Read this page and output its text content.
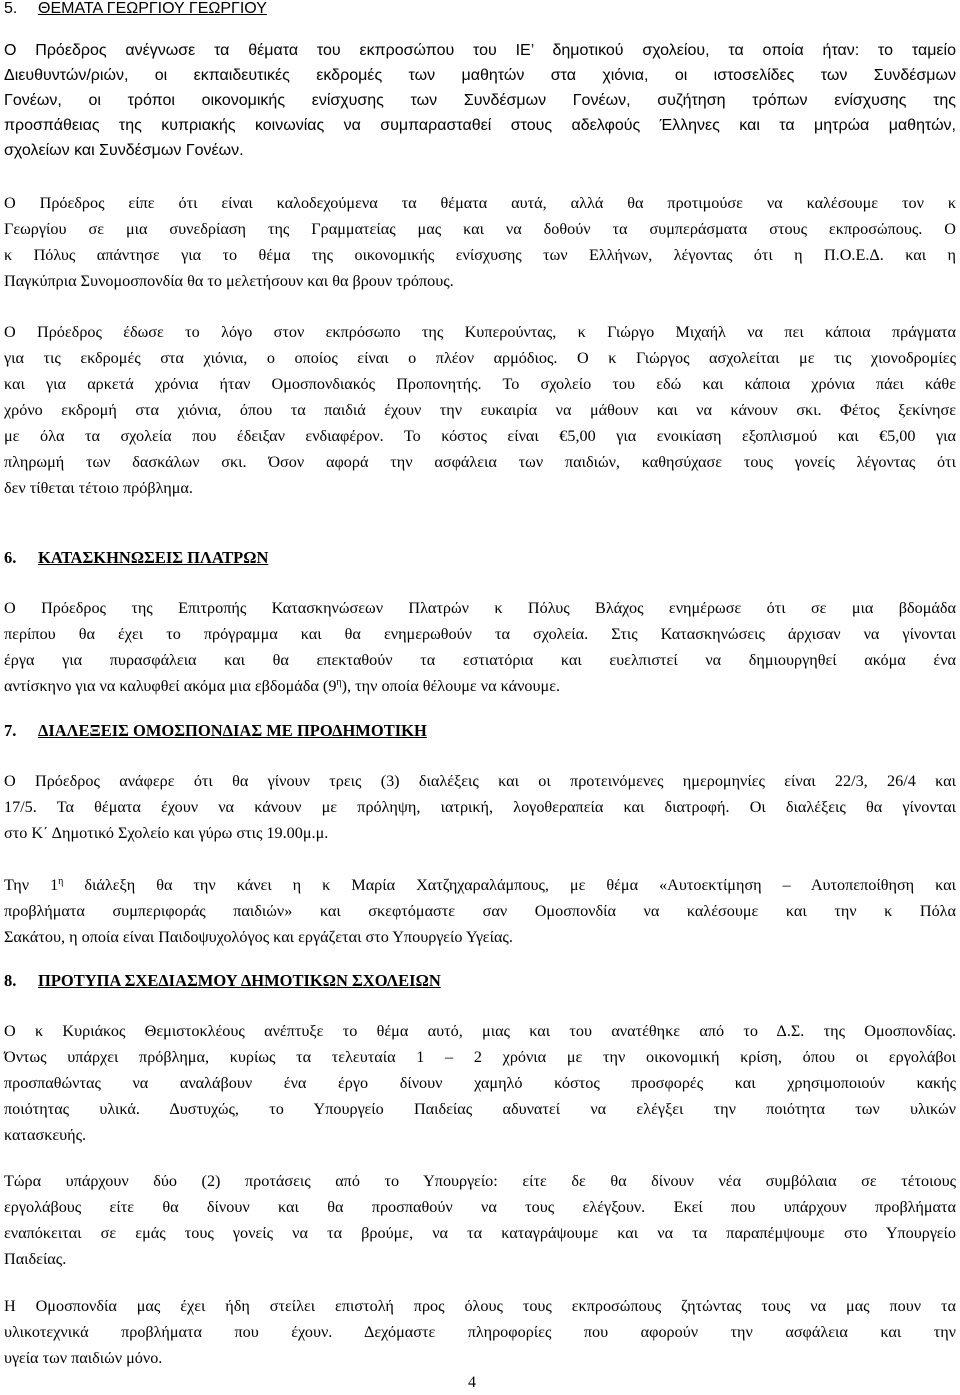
5. ΘΕΜΑΤΑ ΓΕΩΡΓΙΟΥ ΓΕΩΡΓΙΟΥ
Ο Πρόεδρος ανέγνωσε τα θέματα του εκπροσώπου του ΙΕ’ δημοτικού σχολείου, τα οποία ήταν: το ταμείο
Διευθυντών/ριών, οι εκπαιδευτικές εκδρομές των μαθητών στα χιόνια, οι ιστοσελίδες των Συνδέσμων
Γονέων, οι τρόποι οικονομικής ενίσχυσης των Συνδέσμων Γονέων, συζήτηση τρόπων ενίσχυσης της
προσπάθειας της κυπριακής κοινωνίας να συμπαρασταθεί στους αδελφούς Έλληνες και τα μητρώα μαθητών,
σχολείων και Συνδέσμων Γονέων.
Ο Πρόεδρος είπε ότι είναι καλοδεχούμενα τα θέματα αυτά, αλλά θα προτιμούσε να καλέσουμε τον κ
Γεωργίου σε μια συνεδρίαση της Γραμματείας μας και να δοθούν τα συμπεράσματα στους εκπροσώπους. Ο
κ Πόλυς απάντησε για το θέμα της οικονομικής ενίσχυσης των Ελλήνων, λέγοντας ότι η Π.Ο.Ε.Δ. και η
Παγκύπρια Συνομοσπονδία θα το μελετήσουν και θα βρουν τρόπους.
Ο Πρόεδρος έδωσε το λόγο στον εκπρόσωπο της Κυπερούντας, κ Γιώργο Μιχαήλ να πει κάποια πράγματα
για τις εκδρομές στα χιόνια, ο οποίος είναι ο πλέον αρμόδιος. Ο κ Γιώργος ασχολείται με τις χιονοδρομίες
και για αρκετά χρόνια ήταν Ομοσπονδιακός Προπονητής. Το σχολείο του εδώ και κάποια χρόνια πάει κάθε
χρόνο εκδρομή στα χιόνια, όπου τα παιδιά έχουν την ευκαιρία να μάθουν και να κάνουν σκι. Φέτος ξεκίνησε
με όλα τα σχολεία που έδειξαν ενδιαφέρον. Το κόστος είναι €5,00 για ενοικίαση εξοπλισμού και €5,00 για
πληρωμή των δασκάλων σκι. Όσον αφορά την ασφάλεια των παιδιών, καθησύχασε τους γονείς λέγοντας ότι
δεν τίθεται τέτοιο πρόβλημα.
6. ΚΑΤΑΣΚΗΝΩΣΕΙΣ ΠΛΑΤΡΩΝ
Ο Πρόεδρος της Επιτροπής Κατασκηνώσεων Πλατρών κ Πόλυς Βλάχος ενημέρωσε ότι σε μια βδομάδα
περίπου θα έχει το πρόγραμμα και θα ενημερωθούν τα σχολεία. Στις Κατασκηνώσεις άρχισαν να γίνονται
έργα για πυρασφάλεια και θα επεκταθούν τα εστιατόρια και ευελπιστεί να δημιουργηθεί ακόμα ένα
αντίσκηνο για να καλυφθεί ακόμα μια εβδομάδα $(9^\eta)$, την οποία θέλουμε να κάνουμε.
7. ΔΙΑΛΕΞΕΙΣ ΟΜΟΣΠΟΝΔΙΑΣ ΜΕ ΠΡΟΔΗΜΟΤΙΚΗ
Ο Πρόεδρος ανάφερε ότι θα γίνουν τρεις (3) διαλέξεις και οι προτεινόμενες ημερομηνίες είναι 22/3, 26/4 και
17/5. Τα θέματα έχουν να κάνουν με πρόληψη, ιατρική, λογοθεραπεία και διατροφή. Οι διαλέξεις θα γίνονται
στο Κ΄ Δημοτικό Σχολείο και γύρω στις 19.00μ.μ.
Την $1^\eta$ διάλεξη θα την κάνει η κ Μαρία Χατζηχαραλάμπους, με θέμα «Αυτοεκτίμηση – Αυτοπεποίθηση και
προβλήματα συμπεριφοράς παιδιών» και σκεφτόμαστε σαν Ομοσπονδία να καλέσουμε και την κ Πόλα
Σακάτου, η οποία είναι Παιδοψυχολόγος και εργάζεται στο Υπουργείο Υγείας.
8. ΠΡΟΤΥΠΑ ΣΧΕΔΙΑΣΜΟΥ ΔΗΜΟΤΙΚΩΝ ΣΧΟΛΕΙΩΝ
Ο κ Κυριάκος Θεμιστοκλέους ανέπτυξε το θέμα αυτό, μιας και του ανατέθηκε από το Δ.Σ. της Ομοσπονδίας.
Όντως υπάρχει πρόβλημα, κυρίως τα τελευταία 1 – 2 χρόνια με την οικονομική κρίση, όπου οι εργολάβοι
προσπαθώντας να αναλάβουν ένα έργο δίνουν χαμηλό κόστος προσφορές και χρησιμοποιούν κακής
ποιότητας υλικά. Δυστυχώς, το Υπουργείο Παιδείας αδυνατεί να ελέγξει την ποιότητα των υλικών
κατασκευής.
Τώρα υπάρχουν δύο (2) προτάσεις από το Υπουργείο: είτε δε θα δίνουν νέα συμβόλαια σε τέτοιους
εργολάβους είτε θα δίνουν και θα προσπαθούν να τους ελέγξουν. Εκεί που υπάρχουν προβλήματα
εναπόκειται σε εμάς τους γονείς να τα βρούμε, να τα καταγράψουμε και να τα παραπέμψουμε στο Υπουργείο
Παιδείας.
Η Ομοσπονδία μας έχει ήδη στείλει επιστολή προς όλους τους εκπροσώπους ζητώντας τους να μας πουν τα
υλικοτεχνικά προβλήματα που έχουν. Δεχόμαστε πληροφορίες που αφορούν την ασφάλεια και την
υγεία των παιδιών μόνο.
4
